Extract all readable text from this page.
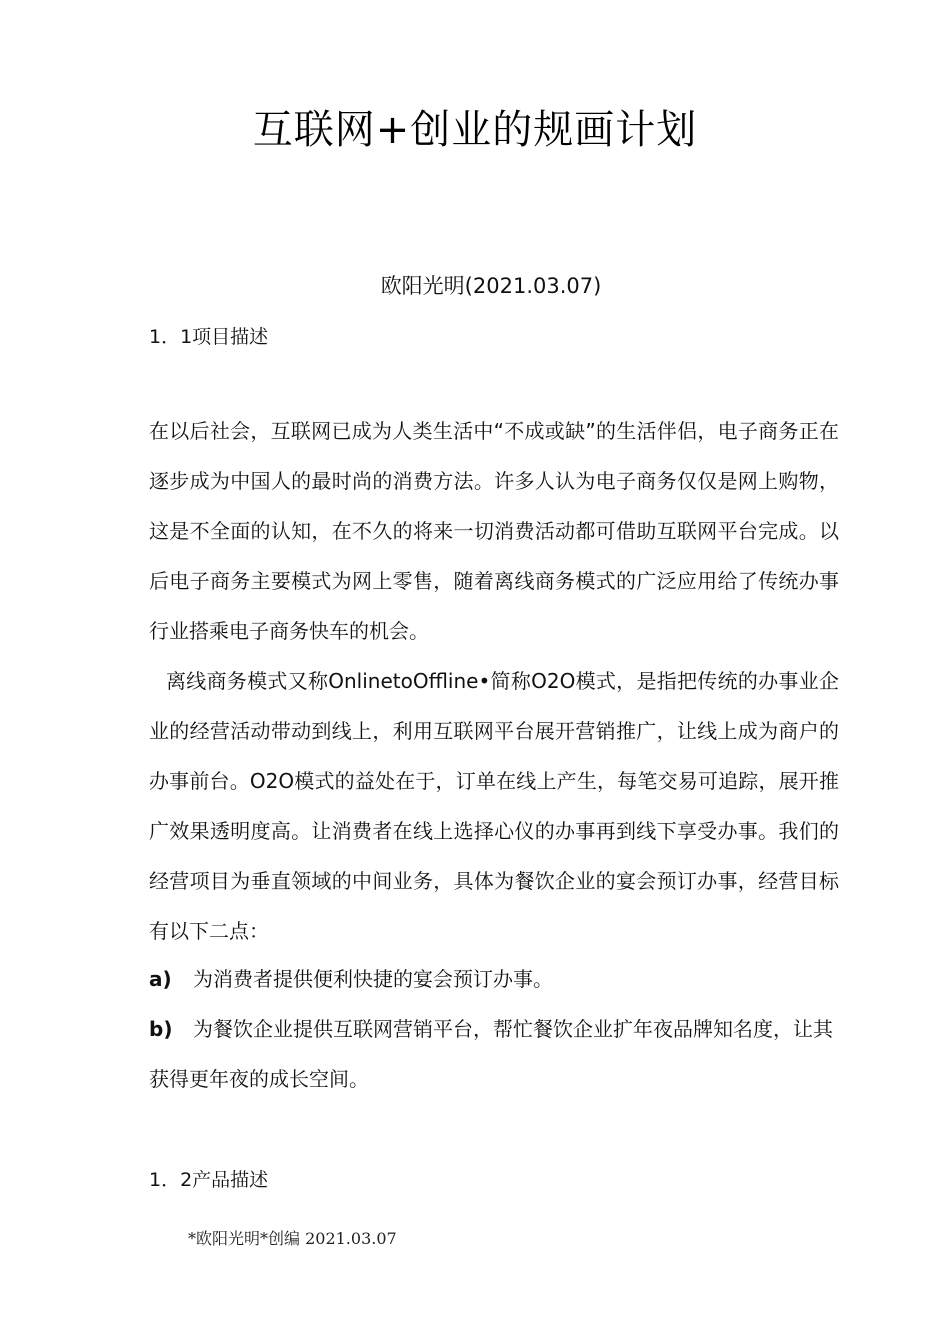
互联网+创业的规画计划
欧阳光明(2021.03.07)
1．1项目描述

在以后社会，互联网已成为人类生活中“不成或缺”的生活伴侣，电子商务正在逐步成为中国人的最时尚的消费方法。许多人认为电子商务仅仅是网上购物，这是不全面的认知，在不久的将来一切消费活动都可借助互联网平台完成。以后电子商务主要模式为网上零售，随着离线商务模式的广泛应用给了传统办事行业搭乘电子商务快车的机会。

离线商务模式又称OnlinetoOffline•简称O2O模式，是指把传统的办事业企业的经营活动带动到线上，利用互联网平台展开营销推广，让线上成为商户的办事前台。O2O模式的益处在于，订单在线上产生，每笔交易可追踪，展开推广效果透明度高。让消费者在线上选择心仪的办事再到线下享受办事。我们的经营项目为垂直领域的中间业务，具体为餐饮企业的宴会预订办事，经营目标有以下二点：

a) 为消费者提供便利快捷的宴会预订办事。

b) 为餐饮企业提供互联网营销平台，帮忙餐饮企业扩年夜品牌知名度，让其获得更年夜的成长空间。

1．2产品描述
*欧阳光明*创编 2021.03.07
